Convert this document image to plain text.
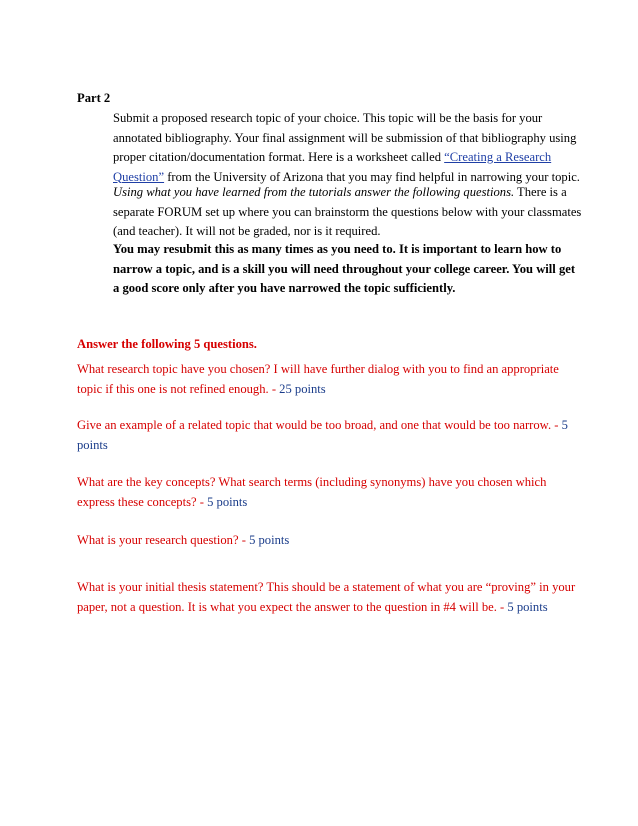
Part 2

Submit a proposed research topic of your choice. This topic will be the basis for your annotated bibliography. Your final assignment will be submission of that bibliography using proper citation/documentation format. Here is a worksheet called “Creating a Research Question” from the University of Arizona that you may find helpful in narrowing your topic.

Using what you have learned from the tutorials answer the following questions. There is a separate FORUM set up where you can brainstorm the questions below with your classmates (and teacher). It will not be graded, nor is it required.

You may resubmit this as many times as you need to. It is important to learn how to narrow a topic, and is a skill you will need throughout your college career. You will get a good score only after you have narrowed the topic sufficiently.

Answer the following 5 questions.

What research topic have you chosen? I will have further dialog with you to find an appropriate topic if this one is not refined enough. - 25 points

Give an example of a related topic that would be too broad, and one that would be too narrow. - 5 points

What are the key concepts? What search terms (including synonyms) have you chosen which express these concepts? - 5 points

What is your research question? - 5 points

What is your initial thesis statement? This should be a statement of what you are “proving” in your paper, not a question. It is what you expect the answer to the question in #4 will be. - 5 points
